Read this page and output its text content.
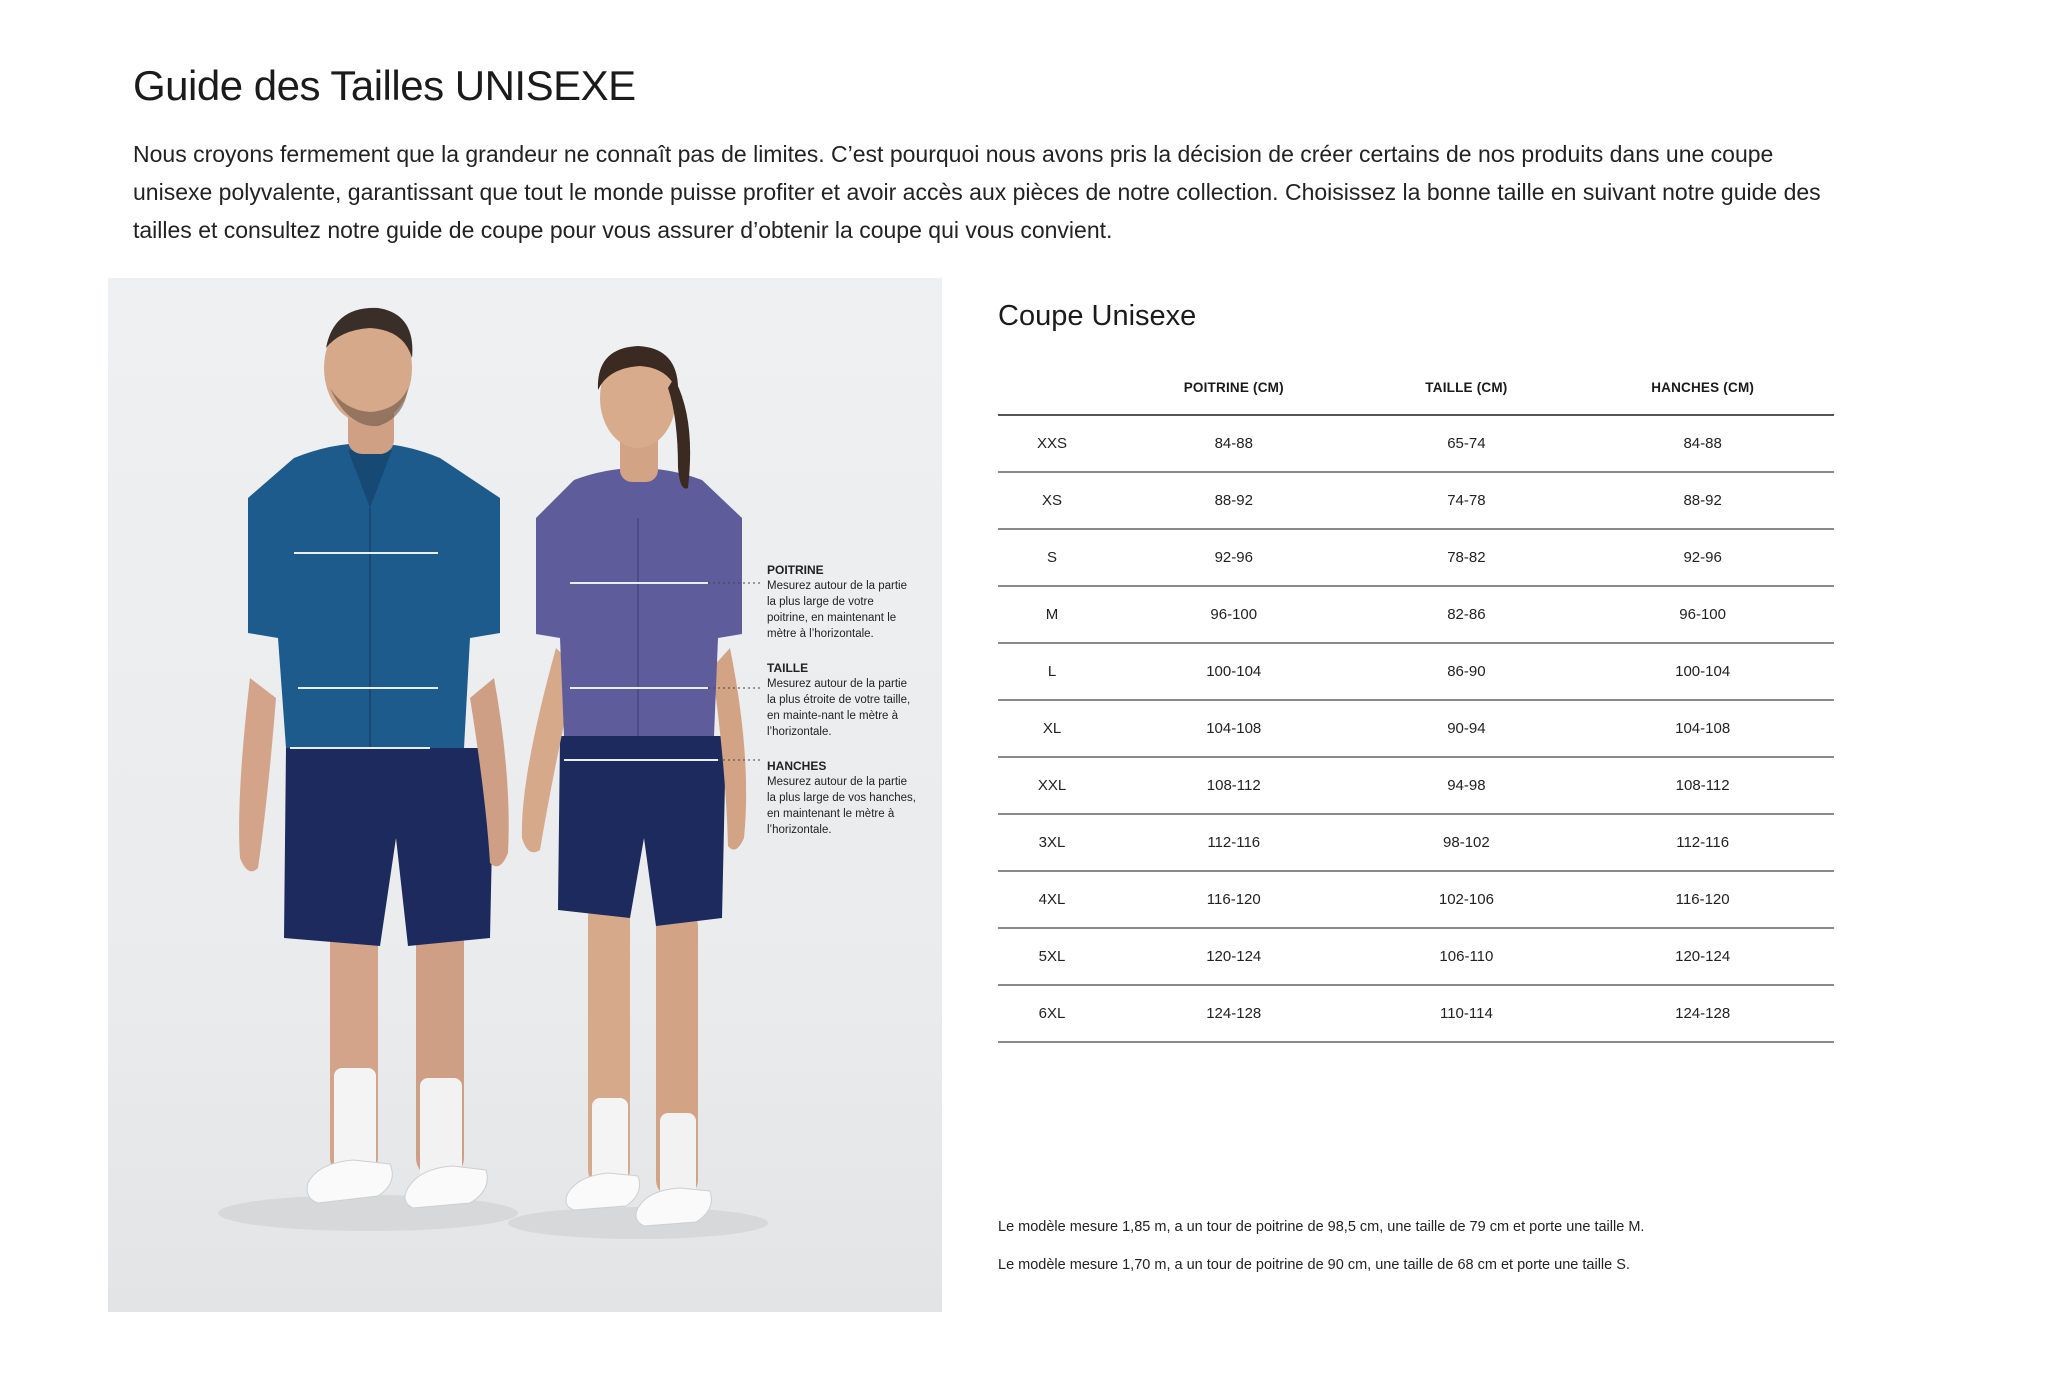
Guide des Tailles UNISEXE

Nous croyons fermement que la grandeur ne connaît pas de limites. C’est pourquoi nous avons pris la décision de créer certains de nos produits dans une coupe unisexe polyvalente, garantissant que tout le monde puisse profiter et avoir accès aux pièces de notre collection. Choisissez la bonne taille en suivant notre guide des tailles et consultez notre guide de coupe pour vous assurer d’obtenir la coupe qui vous convient.

POITRINE
Mesurez autour de la partie la plus large de votre poitrine, en maintenant le mètre à l’horizontale.
TAILLE
Mesurez autour de la partie la plus étroite de votre taille, en mainte-nant le mètre à l’horizontale.
HANCHES
Mesurez autour de la partie la plus large de vos hanches, en maintenant le mètre à l’horizontale.
Coupe Unisexe
	POITRINE (CM)	TAILLE (CM)	HANCHES (CM)
XXS	84-88	65-74	84-88
XS	88-92	74-78	88-92
S	92-96	78-82	92-96
M	96-100	82-86	96-100
L	100-104	86-90	100-104
XL	104-108	90-94	104-108
XXL	108-112	94-98	108-112
3XL	112-116	98-102	112-116
4XL	116-120	102-106	116-120
5XL	120-124	106-110	120-124
6XL	124-128	110-114	124-128

Le modèle mesure 1,85 m, a un tour de poitrine de 98,5 cm, une taille de 79 cm et porte une taille M.

Le modèle mesure 1,70 m, a un tour de poitrine de 90 cm, une taille de 68 cm et porte une taille S.
